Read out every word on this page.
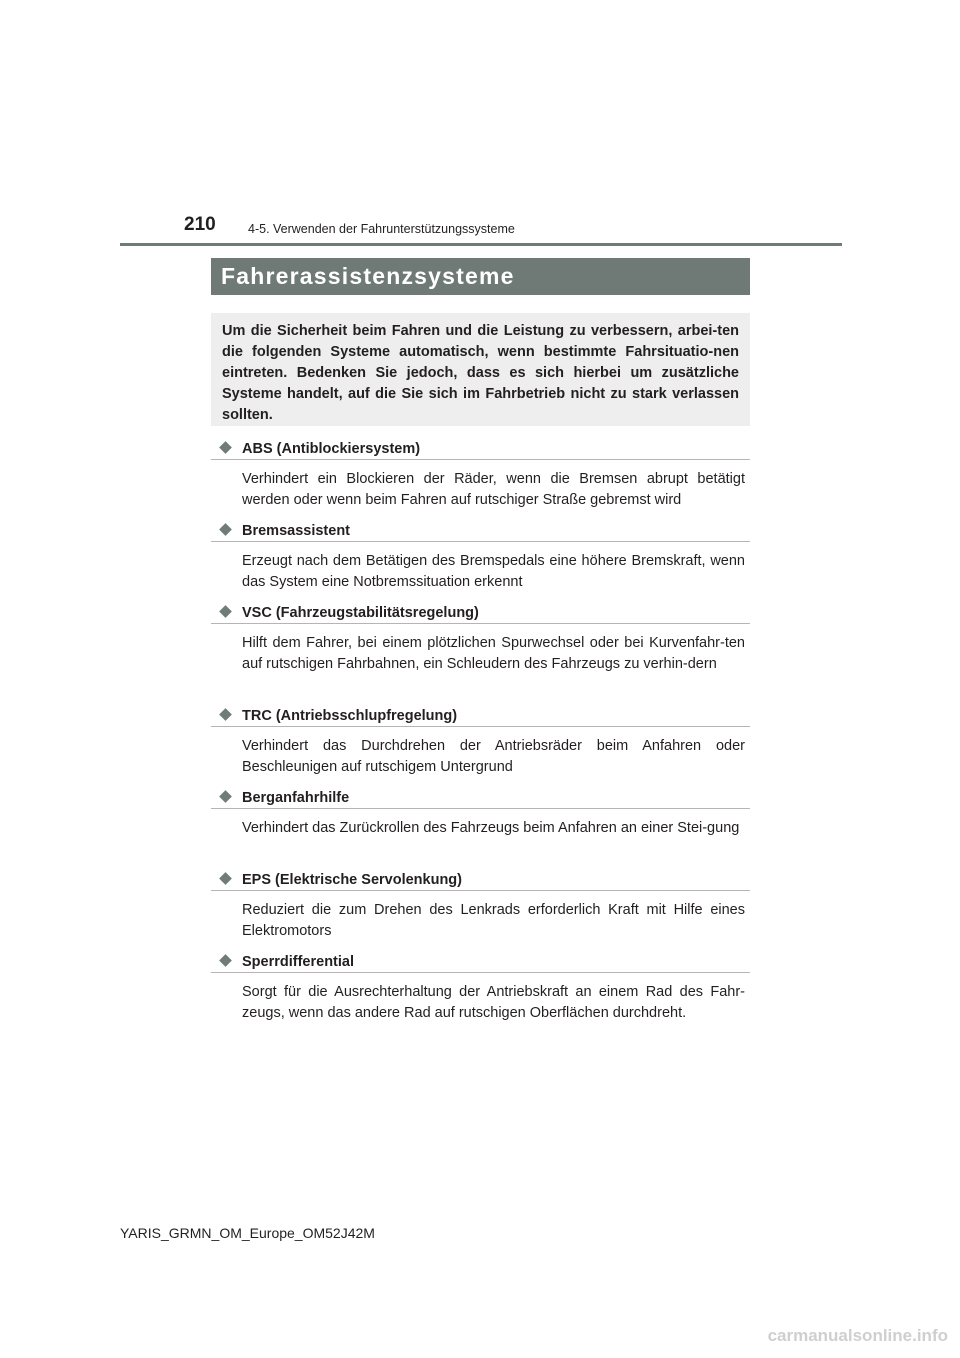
210	4-5. Verwenden der Fahrunterstützungssysteme
Fahrerassistenzsysteme
Um die Sicherheit beim Fahren und die Leistung zu verbessern, arbei-ten die folgenden Systeme automatisch, wenn bestimmte Fahrsituatio-nen eintreten. Bedenken Sie jedoch, dass es sich hierbei um zusätzliche Systeme handelt, auf die Sie sich im Fahrbetrieb nicht zu stark verlassen sollten.
ABS (Antiblockiersystem)
Verhindert ein Blockieren der Räder, wenn die Bremsen abrupt betätigt werden oder wenn beim Fahren auf rutschiger Straße gebremst wird
Bremsassistent
Erzeugt nach dem Betätigen des Bremspedals eine höhere Bremskraft, wenn das System eine Notbremssituation erkennt
VSC (Fahrzeugstabilitätsregelung)
Hilft dem Fahrer, bei einem plötzlichen Spurwechsel oder bei Kurvenfahr-ten auf rutschigen Fahrbahnen, ein Schleudern des Fahrzeugs zu verhin-dern
TRC (Antriebsschlupfregelung)
Verhindert das Durchdrehen der Antriebsräder beim Anfahren oder Beschleunigen auf rutschigem Untergrund
Berganfahrhilfe
Verhindert das Zurückrollen des Fahrzeugs beim Anfahren an einer Stei-gung
EPS (Elektrische Servolenkung)
Reduziert die zum Drehen des Lenkrads erforderlich Kraft mit Hilfe eines Elektromotors
Sperrdifferential
Sorgt für die Ausrechterhaltung der Antriebskraft an einem Rad des Fahr-zeugs, wenn das andere Rad auf rutschigen Oberflächen durchdreht.
YARIS_GRMN_OM_Europe_OM52J42M
carmanualsonline.info
